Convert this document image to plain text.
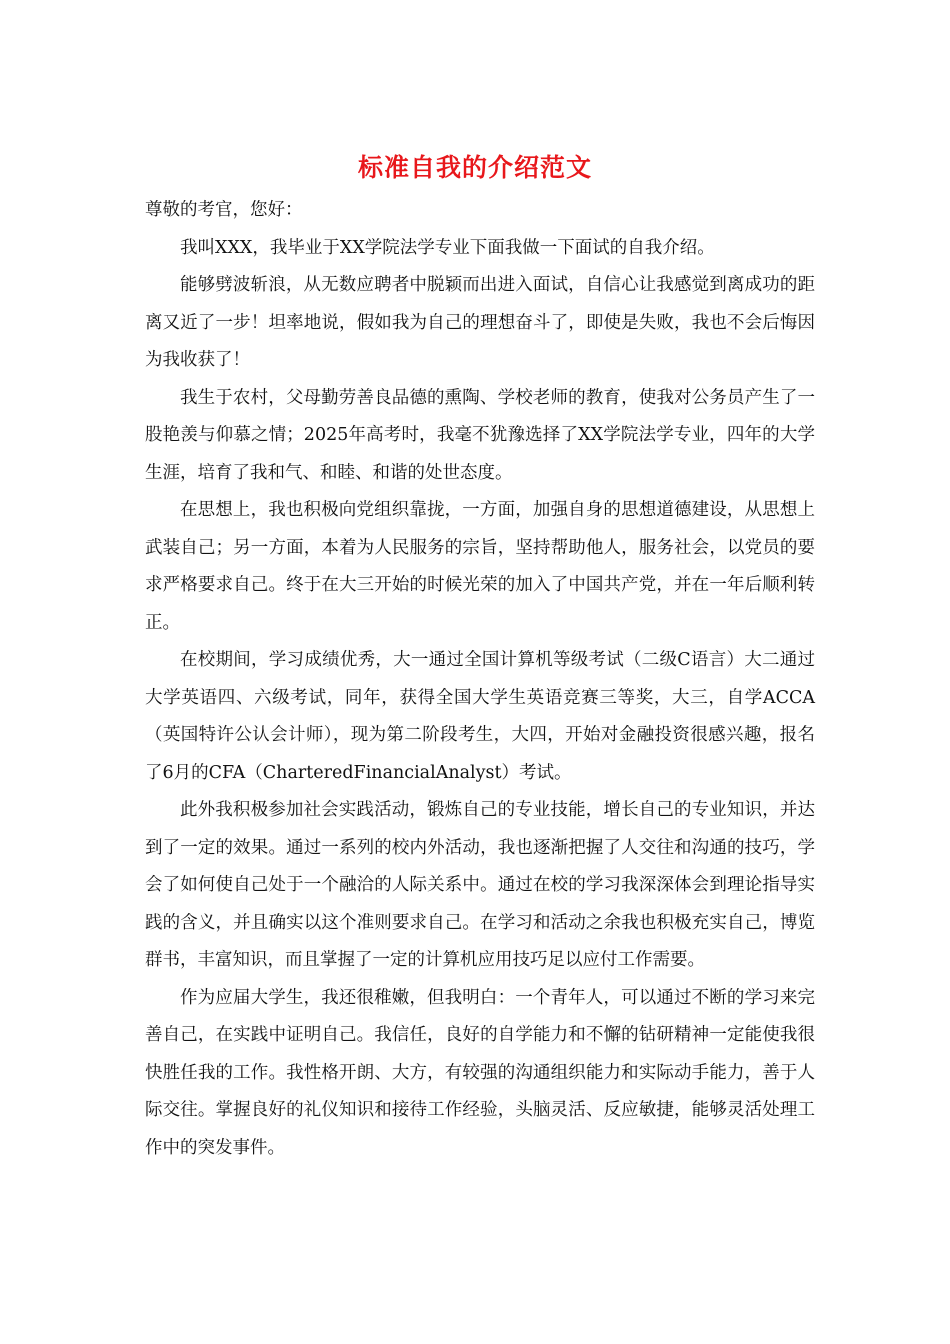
标准自我的介绍范文

尊敬的考官，您好：

我叫XXX，我毕业于XX学院法学专业下面我做一下面试的自我介绍。

能够劈波斩浪，从无数应聘者中脱颖而出进入面试，自信心让我感觉到离成功的距离又近了一步！坦率地说，假如我为自己的理想奋斗了，即使是失败，我也不会后悔因为我收获了！

我生于农村，父母勤劳善良品德的熏陶、学校老师的教育，使我对公务员产生了一股艳羡与仰慕之情；2025年高考时，我毫不犹豫选择了XX学院法学专业，四年的大学生涯，培育了我和气、和睦、和谐的处世态度。

在思想上，我也积极向党组织靠拢，一方面，加强自身的思想道德建设，从思想上武装自己；另一方面，本着为人民服务的宗旨，坚持帮助他人，服务社会，以党员的要求严格要求自己。终于在大三开始的时候光荣的加入了中国共产党，并在一年后顺利转正。

在校期间，学习成绩优秀，大一通过全国计算机等级考试（二级C语言）大二通过大学英语四、六级考试，同年，获得全国大学生英语竞赛三等奖，大三，自学ACCA（英国特许公认会计师），现为第二阶段考生，大四，开始对金融投资很感兴趣，报名了6月的CFA（CharteredFinancialAnalyst）考试。

此外我积极参加社会实践活动，锻炼自己的专业技能，增长自己的专业知识，并达到了一定的效果。通过一系列的校内外活动，我也逐渐把握了人交往和沟通的技巧，学会了如何使自己处于一个融洽的人际关系中。通过在校的学习我深深体会到理论指导实践的含义，并且确实以这个准则要求自己。在学习和活动之余我也积极充实自己，博览群书，丰富知识，而且掌握了一定的计算机应用技巧足以应付工作需要。

作为应届大学生，我还很稚嫩，但我明白：一个青年人，可以通过不断的学习来完善自己，在实践中证明自己。我信任，良好的自学能力和不懈的钻研精神一定能使我很快胜任我的工作。我性格开朗、大方，有较强的沟通组织能力和实际动手能力，善于人际交往。掌握良好的礼仪知识和接待工作经验，头脑灵活、反应敏捷，能够灵活处理工作中的突发事件。
